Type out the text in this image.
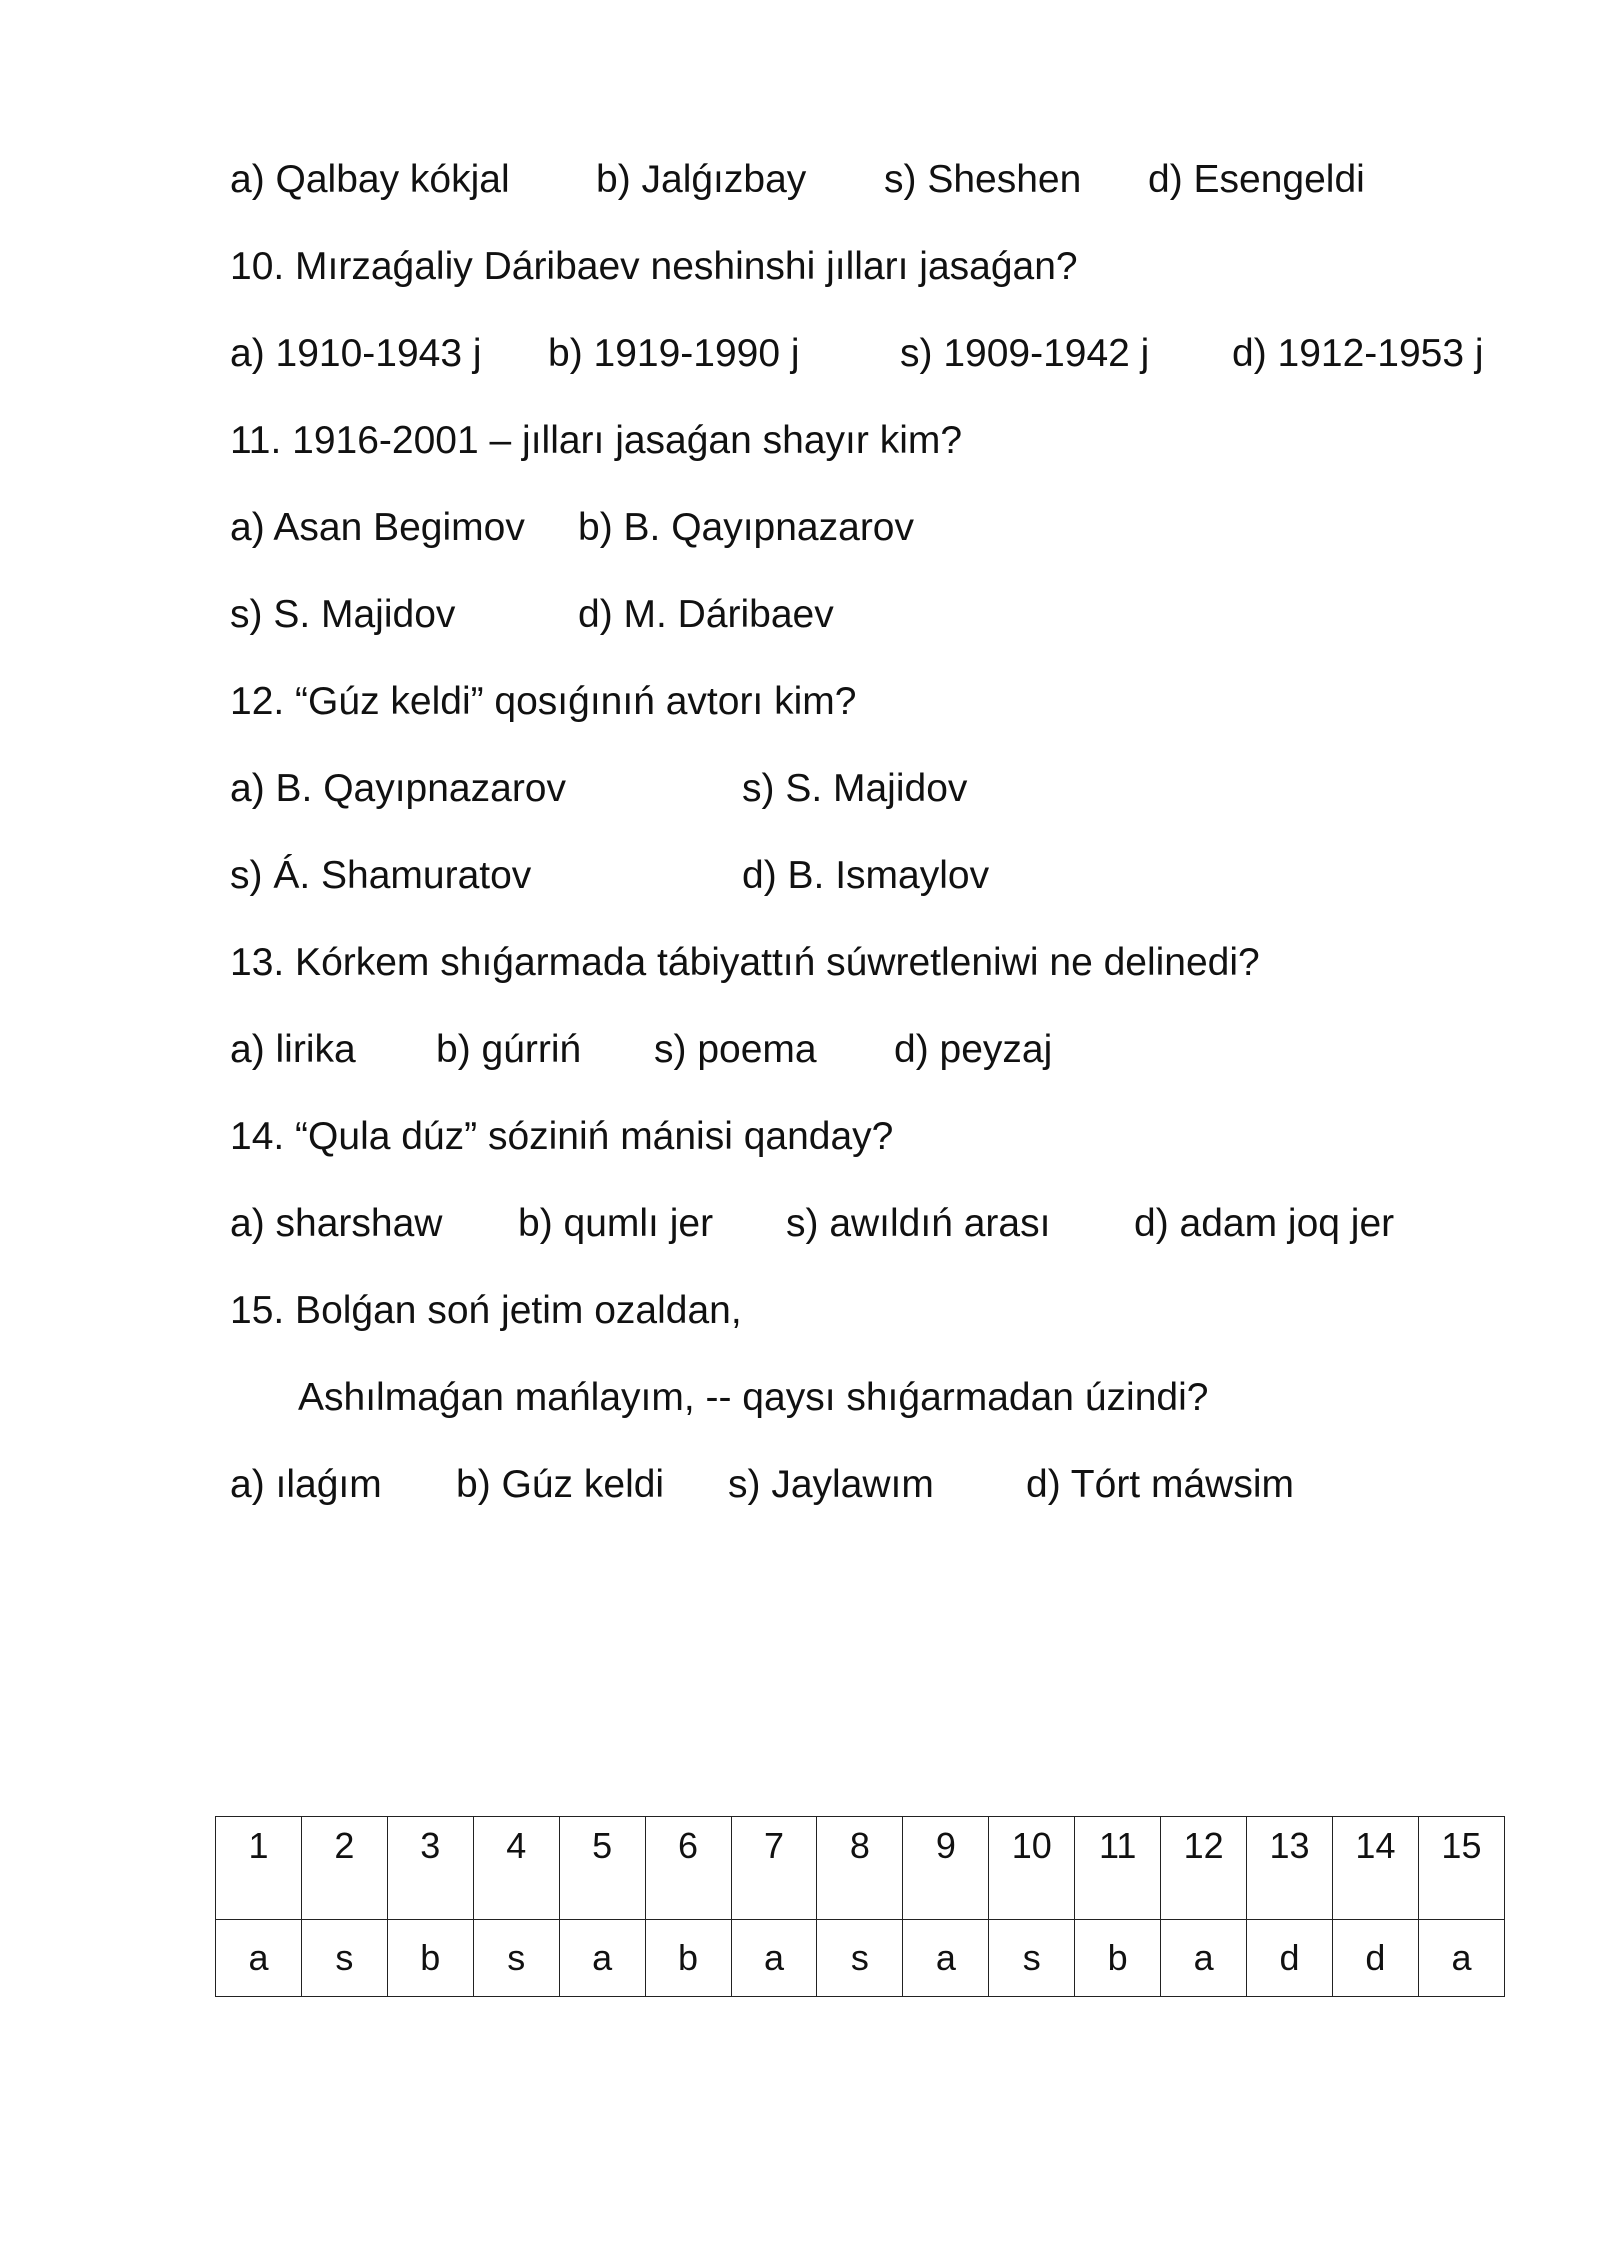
a) Qalbay kókjal b) Jalǵızbay s) Sheshen d) Esengeldi
10. Mırzaǵaliy Dáribaev neshinshi jılları jasaǵan?
a) 1910-1943 j b) 1919-1990 j	s) 1909-1942 j d) 1912-1953 j
11. 1916-2001 – jılları jasaǵan shayır kim?
a) Asan Begimov b) B. Qayıpnazarov
s) S. Majidov	d) M. Dáribaev
12. “Gúz keldi” qosıǵınıń avtorı kim?
a) B. Qayıpnazarov	s) S. Majidov
s) Á. Shamuratov	d) B. Ismaylov
13. Kórkem shıǵarmada tábiyattıń súwretleniwi ne delinedi?
a) lirika b) gúrriń s) poema d) peyzaj
14. “Qula dúz” sóziniń mánisi qanday?
a) sharshaw b) qumlı jer s) awıldıń arası d) adam joq jer
15. Bolǵan soń jetim ozaldan,
Ashılmaǵan mańlayım, -- qaysı shıǵarmadan úzindi?
a) ılaǵım b) Gúz keldi s) Jaylawım d) Tórt máwsim
1	2	3	4	5	6	7	8	9	10	11	12	13	14	15
a	s	b	s	a	b	a	s	a	s	b	a	d	d	a
